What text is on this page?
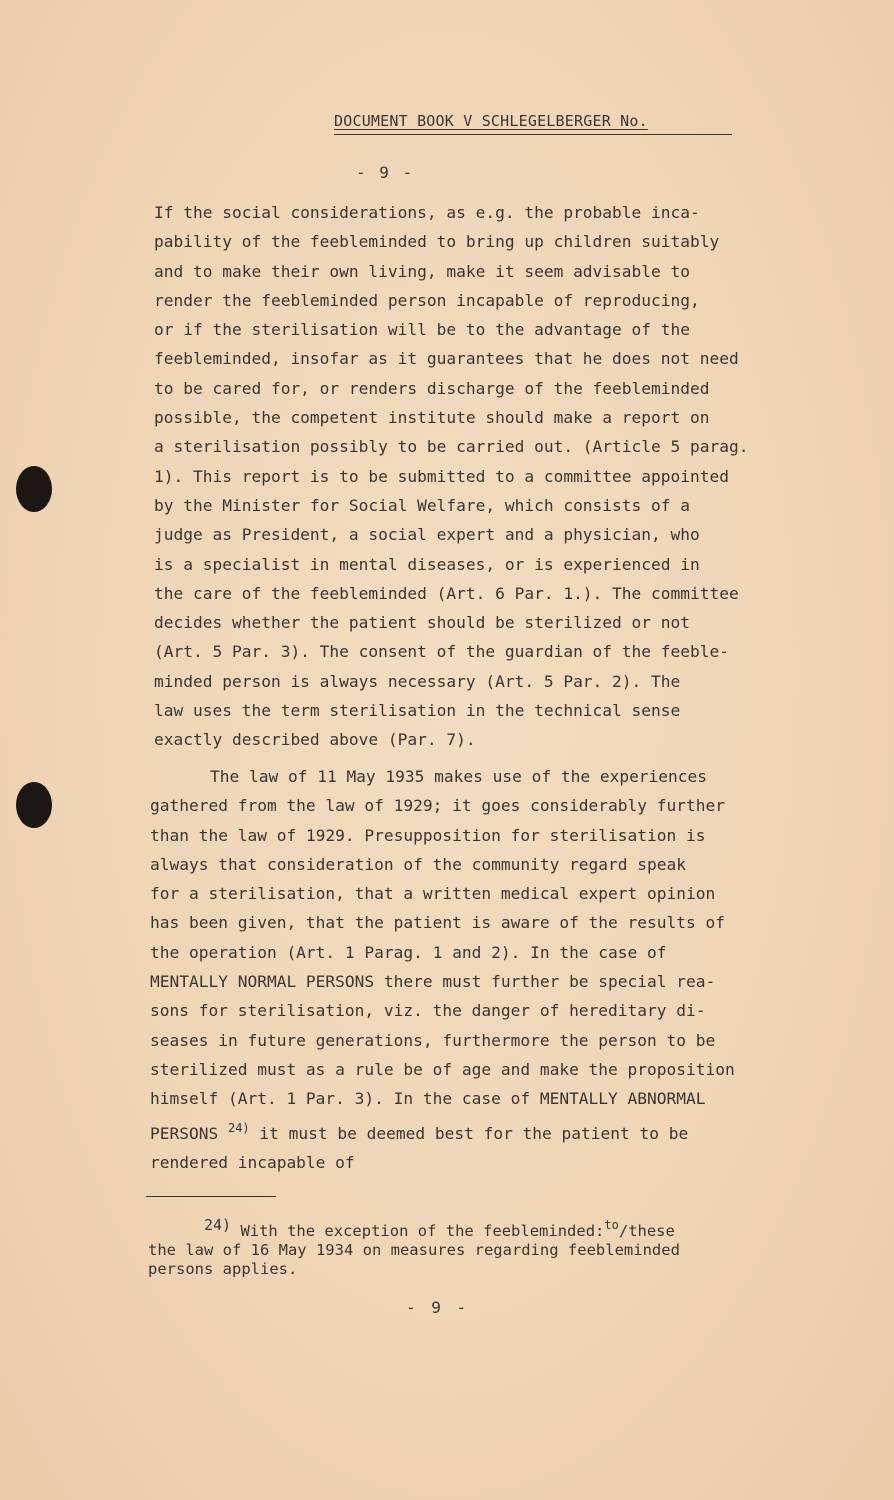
DOCUMENT BOOK V SCHLEGELBERGER No.
- 9 -
If the social considerations, as e.g. the probable inca-
pability of the feebleminded to bring up children suitably
and to make their own living, make it seem advisable to
render the feebleminded person incapable of reproducing,
or if the sterilisation will be to the advantage of the
feebleminded, insofar as it guarantees that he does not need
to be cared for, or renders discharge of the feebleminded
possible, the competent institute should make a report on
a sterilisation possibly to be carried out. (Article 5 parag.
1). This report is to be submitted to a committee appointed
by the Minister for Social Welfare, which consists of a
judge as President, a social expert and a physician, who
is a specialist in mental diseases, or is experienced in
the care of the feebleminded (Art. 6 Par. 1.). The committee
decides whether the patient should be sterilized or not
(Art. 5 Par. 3). The consent of the guardian of the feeble-
minded person is always necessary (Art. 5 Par. 2). The
law uses the term sterilisation in the technical sense
exactly described above (Par. 7).
The law of 11 May 1935 makes use of the experiences
gathered from the law of 1929; it goes considerably further
than the law of 1929. Presupposition for sterilisation is
always that consideration of the community regard speak
for a sterilisation, that a written medical expert opinion
has been given, that the patient is aware of the results of
the operation (Art. 1 Parag. 1 and 2). In the case of
MENTALLY NORMAL PERSONS there must further be special rea-
sons for sterilisation, viz. the danger of hereditary di-
seases in future generations, furthermore the person to be
sterilized must as a rule be of age and make the proposition
himself (Art. 1 Par. 3). In the case of MENTALLY ABNORMAL
PERSONS $^{24)}$ it must be deemed best for the patient to be
rendered incapable of
24) With the exception of the feebleminded:$^{to}$/these
the law of 16 May 1934 on measures regarding feebleminded
persons applies.
- 9 -
